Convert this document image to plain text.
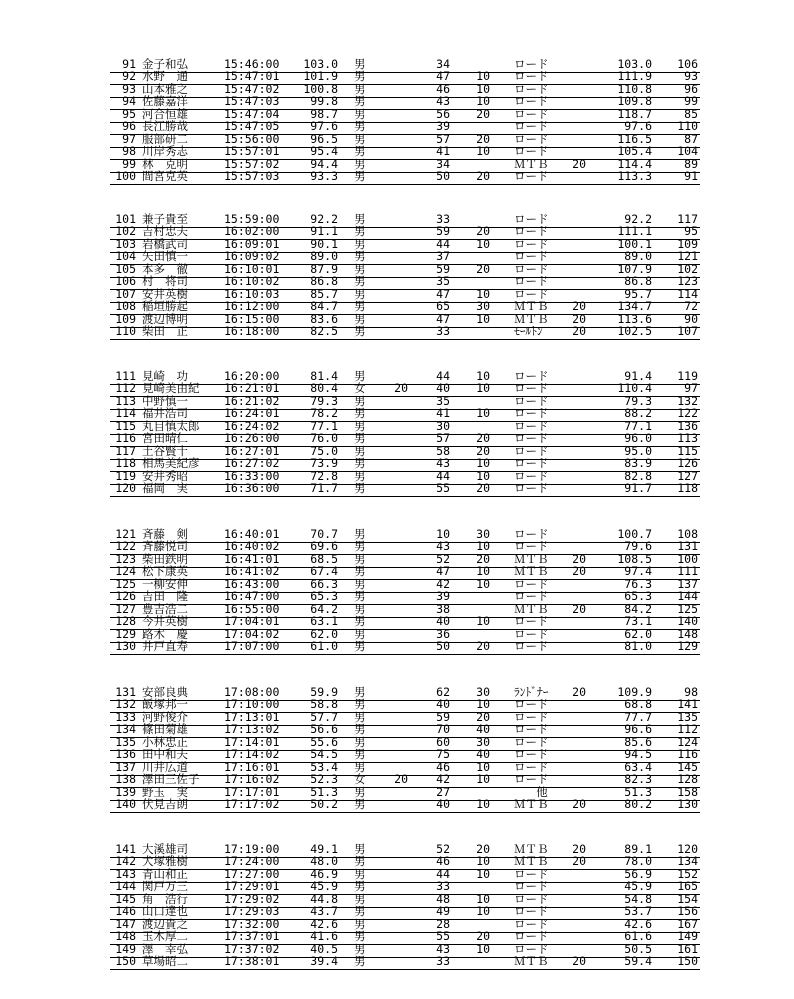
91 金子和弘	15:46:00	103.0 男	34	ロード	103.0	106
92 水野　通	15:47:01	101.9 男	47	10 ロード	111.9	93
93 山本雅之	15:47:02	100.8 男	46	10 ロード	110.8	96
94 佐藤嘉洋	15:47:03	99.8 男	43	10 ロード	109.8	99
95 河合恒雄	15:47:04	98.7 男	56	20 ロード	118.7	85
96 長江勝哉	15:47:05	97.6 男	39	ロード	97.6	110
97 服部研二	15:56:00	96.5 男	57	20 ロード	116.5	87
98 川岸秀志	15:57:01	95.4 男	41	10 ロード	105.4	104
99 林　克明	15:57:02	94.4 男	34	ＭＴＢ	20	114.4	89
100 間宮克英	15:57:03	93.3 男	50	20 ロード	113.3	91
101 兼子貴至	15:59:00	92.2 男	33	ロード	92.2	117
102 吉村忠夫	16:02:00	91.1 男	59	20 ロード	111.1	95
103 岩橋武司	16:09:01	90.1 男	44	10 ロード	100.1	109
104 矢田慎一	16:09:02	89.0 男	37	ロード	89.0	121
105 本多　徹	16:10:01	87.9 男	59	20 ロード	107.9	102
106 村　将司	16:10:02	86.8 男	35	ロード	86.8	123
107 安井英樹	16:10:03	85.7 男	47	10 ロード	95.7	114
108 稲垣勝起	16:12:00	84.7 男	65	30 ＭＴＢ	20	134.7	72
109 渡辺博明	16:15:00	83.6 男	47	10 ＭＴＢ	20	113.6	90
110 柴田　正	16:18:00	82.5 男	33	ﾓｰﾙﾄﾝ	20	102.5	107
111 見崎　功	16:20:00	81.4 男	44	10 ロード	91.4	119
112 見崎美由紀	16:21:01	80.4 女	20	40	10 ロード	110.4	97
113 中野慎一	16:21:02	79.3 男	35	ロード	79.3	132
114 福井浩司	16:24:01	78.2 男	41	10 ロード	88.2	122
115 丸目慎太郎	16:24:02	77.1 男	30	ロード	77.1	136
116 宮田晴仁	16:26:00	76.0 男	57	20 ロード	96.0	113
117 土谷賢十	16:27:01	75.0 男	58	20 ロード	95.0	115
118 相馬美紀彦	16:27:02	73.9 男	43	10 ロード	83.9	126
119 安井秀昭	16:33:00	72.8 男	44	10 ロード	82.8	127
120 福岡　実	16:36:00	71.7 男	55	20 ロード	91.7	118
121 斉藤　剣	16:40:01	70.7 男	10	30 ロード	100.7	108
122 斉藤悦司	16:40:02	69.6 男	43	10 ロード	79.6	131
123 柴田鉄明	16:41:01	68.5 男	52	20 ＭＴＢ	20	108.5	100
124 松下康英	16:41:02	67.4 男	47	10 ＭＴＢ	20	97.4	111
125 一柳安伸	16:43:00	66.3 男	42	10 ロード	76.3	137
126 吉田　隆	16:47:00	65.3 男	39	ロード	65.3	144
127 豊吉浩二	16:55:00	64.2 男	38	ＭＴＢ	20	84.2	125
128 今井英樹	17:04:01	63.1 男	40	10 ロード	73.1	140
129 路木　慶	17:04:02	62.0 男	36	ロード	62.0	148
130 井戸直寿	17:07:00	61.0 男	50	20 ロード	81.0	129
131 安部良典	17:08:00	59.9 男	62	30 ﾗﾝﾄﾞﾅｰ	20	109.9	98
132 飯塚邦一	17:10:00	58.8 男	40	10 ロード	68.8	141
133 河野俊介	17:13:01	57.7 男	59	20 ロード	77.7	135
134 篠田菊雄	17:13:02	56.6 男	70	40 ロード	96.6	112
135 小林忠正	17:14:01	55.6 男	60	30 ロード	85.6	124
136 田中和夫	17:14:02	54.5 男	75	40 ロード	94.5	116
137 川井広道	17:16:01	53.4 男	46	10 ロード	63.4	145
138 澤田三佐子	17:16:02	52.3 女	20	42	10 ロード	82.3	128
139 野玉　実	17:17:01	51.3 男	27	他	51.3	158
140 伏見吉朗	17:17:02	50.2 男	40	10 ＭＴＢ	20	80.2	130
141 大溪雄司	17:19:00	49.1 男	52	20 ＭＴＢ	20	89.1	120
142 犬塚雅樹	17:24:00	48.0 男	46	10 ＭＴＢ	20	78.0	134
143 青山和正	17:27:00	46.9 男	44	10 ロード	56.9	152
144 関戸万三	17:29:01	45.9 男	33	ロード	45.9	165
145 角　浩行	17:29:02	44.8 男	48	10 ロード	54.8	154
146 山口達也	17:29:03	43.7 男	49	10 ロード	53.7	156
147 渡辺貴之	17:32:00	42.6 男	28	ロード	42.6	167
148 玉木厚二	17:37:01	41.6 男	55	20 ロード	61.6	149
149 澤　幸弘	17:37:02	40.5 男	43	10 ロード	50.5	161
150 草場昭二	17:38:01	39.4 男	33	ＭＴＢ	20	59.4	150
